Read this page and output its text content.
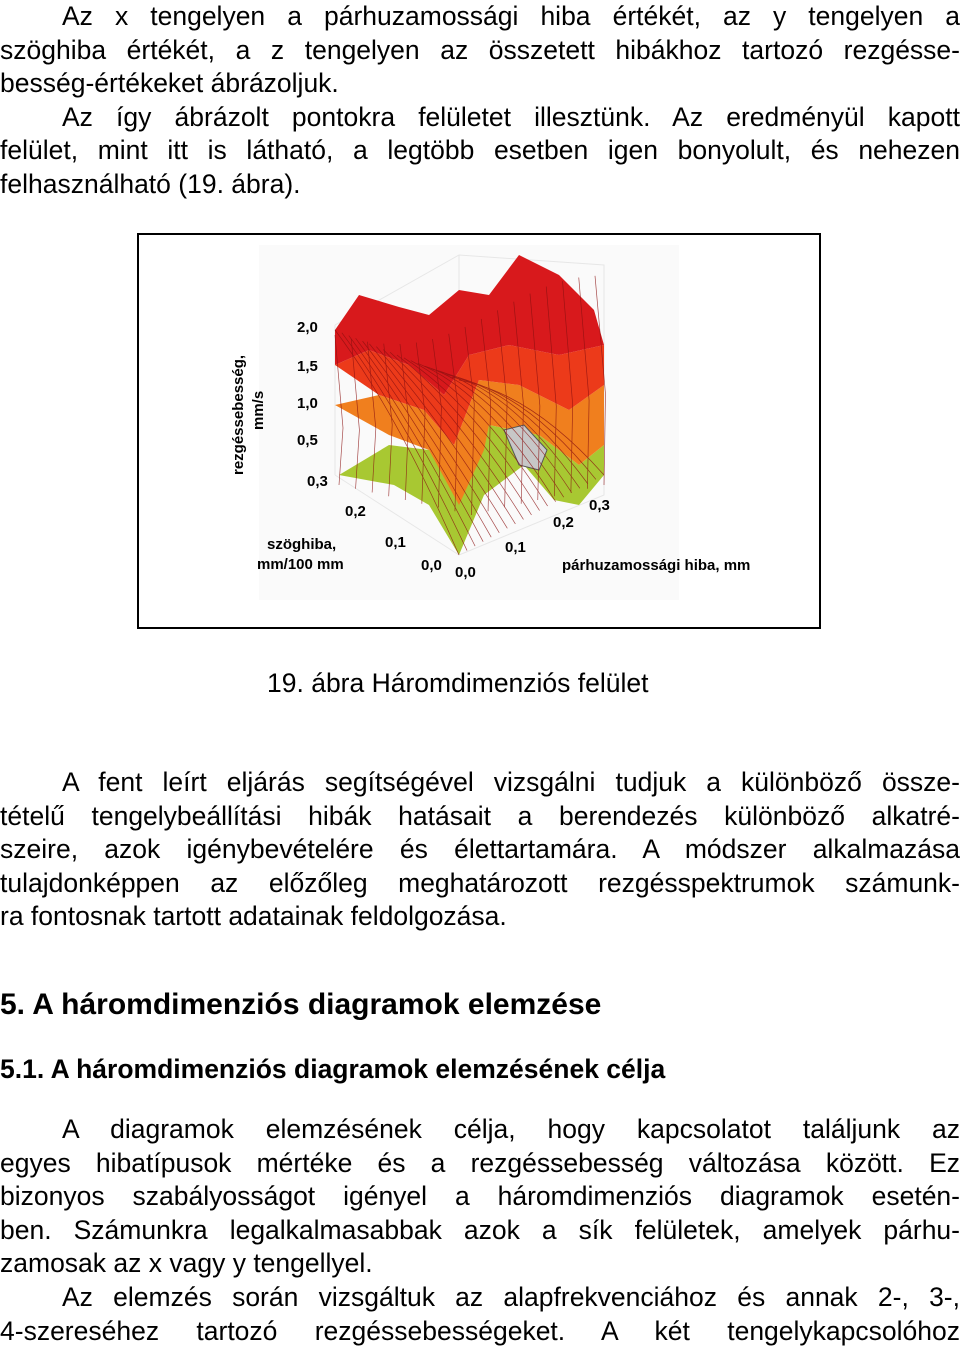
Az x tengelyen a párhuzamossági hiba értékét, az y tengelyen a
szöghiba értékét, a z tengelyen az összetett hibákhoz tartozó rezgésse-
besség-értékeket ábrázoljuk.
Az így ábrázolt pontokra felületet illesztünk. Az eredményül kapott
felület, mint itt is látható, a legtöbb esetben igen bonyolult, és nehezen
felhasználható (19. ábra).
rezgéssebesség, mm/s
2,0
1,5
1,0
0,5
0,3
0,2
0,1
0,0
szöghiba,
mm/100 mm	0,0
0,1
0,2
0,3
párhuzamossági hiba, mm
19. ábra Háromdimenziós felület
A fent leírt eljárás segítségével vizsgálni tudjuk a különböző össze-
tételű tengelybeállítási hibák hatásait a berendezés különböző alkatré-
szeire, azok igénybevételére és élettartamára. A módszer alkalmazása
tulajdonképpen az előzőleg meghatározott rezgésspektrumok számunk-
ra fontosnak tartott adatainak feldolgozása.
5. A háromdimenziós diagramok elemzése
5.1. A háromdimenziós diagramok elemzésének célja
A diagramok elemzésének célja, hogy kapcsolatot találjunk az
egyes hibatípusok mértéke és a rezgéssebesség változása között. Ez
bizonyos szabályosságot igényel a háromdimenziós diagramok esetén-
ben. Számunkra legalkalmasabbak azok a sík felületek, amelyek párhu-
zamosak az x vagy y tengellyel.
Az elemzés során vizsgáltuk az alapfrekvenciához és annak 2-, 3-,
4-szereséhez tartozó rezgéssebességeket. A két tengelykapcsolóhoz
